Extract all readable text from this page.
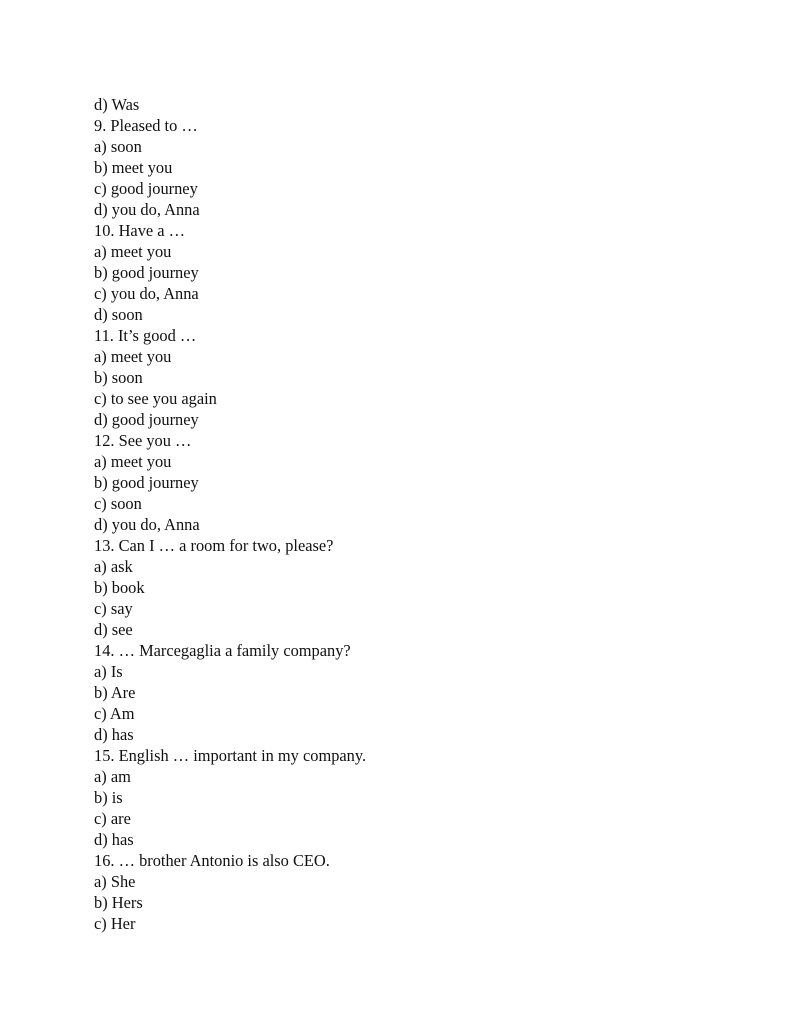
d) Was
9. Pleased to …
a) soon
b) meet you
c) good journey
d) you do, Anna
10. Have a …
a) meet you
b) good journey
c) you do, Anna
d) soon
11. It’s good …
a) meet you
b) soon
c) to see you again
d) good journey
12. See you …
a) meet you
b) good journey
c) soon
d) you do, Anna
13. Can I … a room for two, please?
a) ask
b) book
c) say
d) see
14. … Marcegaglia a family company?
a) Is
b) Are
c) Am
d) has
15. English … important in my company.
a) am
b) is
c) are
d) has
16. … brother Antonio is also CEO.
a) She
b) Hers
c) Her
